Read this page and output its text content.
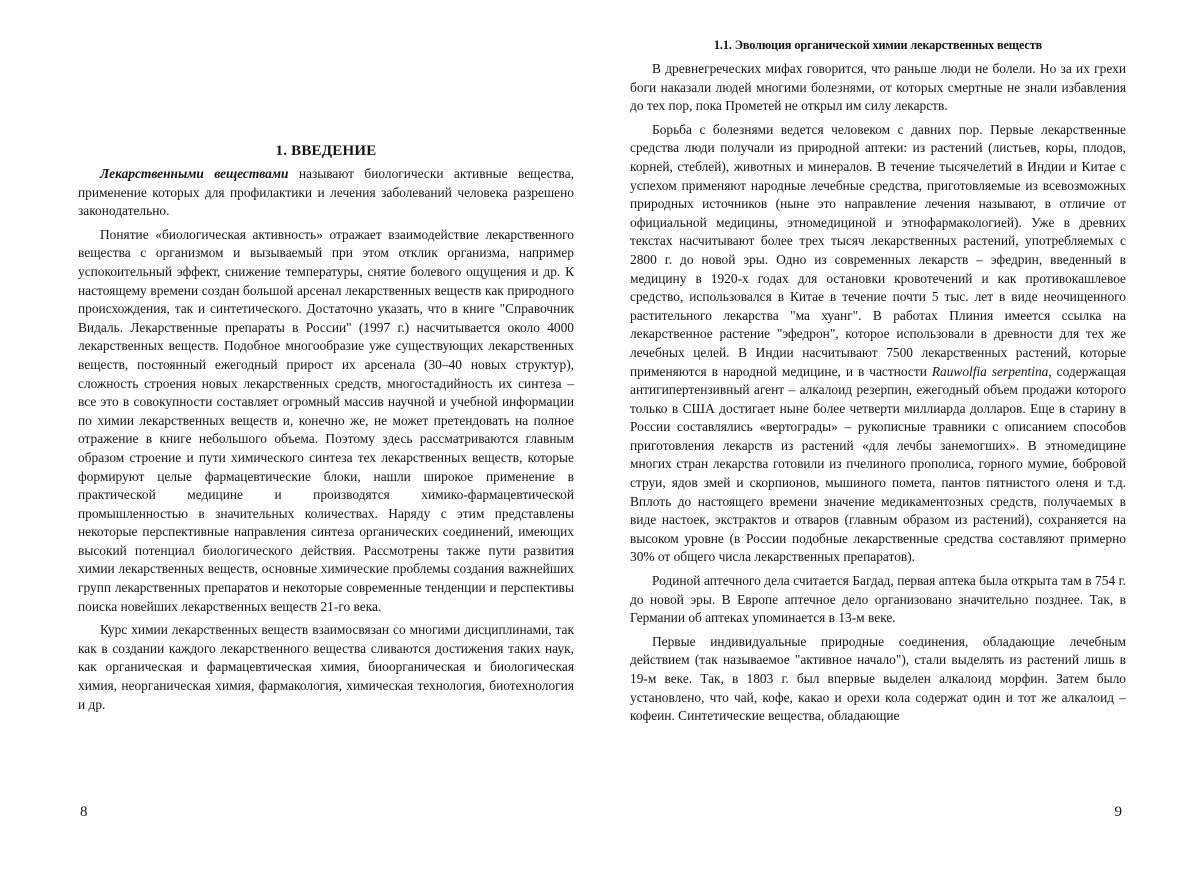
1. ВВЕДЕНИЕ

Лекарственными веществами называют биологически активные вещества, применение которых для профилактики и лечения заболеваний человека разрешено законодательно.

Понятие «биологическая активность» отражает взаимодействие лекарственного вещества с организмом и вызываемый при этом отклик организма, например успокоительный эффект, снижение температуры, снятие болевого ощущения и др. К настоящему времени создан большой арсенал лекарственных веществ как природного происхождения, так и синтетического. Достаточно указать, что в книге "Справочник Видаль. Лекарственные препараты в России" (1997 г.) насчитывается около 4000 лекарственных веществ. Подобное многообразие уже существующих лекарственных веществ, постоянный ежегодный прирост их арсенала (30–40 новых структур), сложность строения новых лекарственных средств, многостадийность их синтеза – все это в совокупности составляет огромный массив научной и учебной информации по химии лекарственных веществ и, конечно же, не может претендовать на полное отражение в книге небольшого объема. Поэтому здесь рассматриваются главным образом строение и пути химического синтеза тех лекарственных веществ, которые формируют целые фармацевтические блоки, нашли широкое применение в практической медицине и производятся химико-фармацевтической промышленностью в значительных количествах. Наряду с этим представлены некоторые перспективные направления синтеза органических соединений, имеющих высокий потенциал биологического действия. Рассмотрены также пути развития химии лекарственных веществ, основные химические проблемы создания важнейших групп лекарственных препаратов и некоторые современные тенденции и перспективы поиска новейших лекарственных веществ 21-го века.

Курс химии лекарственных веществ взаимосвязан со многими дисциплинами, так как в создании каждого лекарственного вещества сливаются достижения таких наук, как органическая и фармацевтическая химия, биоорганическая и биологическая химия, неорганическая химия, фармакология, химическая технология, биотехнология и др.

8
1.1. Эволюция органической химии лекарственных веществ

В древнегреческих мифах говорится, что раньше люди не болели. Но за их грехи боги наказали людей многими болезнями, от которых смертные не знали избавления до тех пор, пока Прометей не открыл им силу лекарств.

Борьба с болезнями ведется человеком с давних пор. Первые лекарственные средства люди получали из природной аптеки: из растений (листьев, коры, плодов, корней, стеблей), животных и минералов. В течение тысячелетий в Индии и Китае с успехом применяют народные лечебные средства, приготовляемые из всевозможных природных источников (ныне это направление лечения называют, в отличие от официальной медицины, этномедициной и этнофармакологией). Уже в древних текстах насчитывают более трех тысяч лекарственных растений, употребляемых с 2800 г. до новой эры. Одно из современных лекарств – эфедрин, введенный в медицину в 1920-х годах для остановки кровотечений и как противокашлевое средство, использовался в Китае в течение почти 5 тыс. лет в виде неочищенного растительного лекарства "ма хуанг". В работах Плиния имеется ссылка на лекарственное растение "эфедрон", которое использовали в древности для тех же лечебных целей. В Индии насчитывают 7500 лекарственных растений, которые применяются в народной медицине, и в частности Rauwolfia serpentina, содержащая антигипертензивный агент – алкалоид резерпин, ежегодный объем продажи которого только в США достигает ныне более четверти миллиарда долларов. Еще в старину в России составлялись «вертограды» – рукописные травники с описанием способов приготовления лекарств из растений «для лечбы занемогших». В этномедицине многих стран лекарства готовили из пчелиного прополиса, горного мумие, бобровой струи, ядов змей и скорпионов, мышиного помета, пантов пятнистого оленя и т.д. Вплоть до настоящего времени значение медикаментозных средств, получаемых в виде настоек, экстрактов и отваров (главным образом из растений), сохраняется на высоком уровне (в России подобные лекарственные средства составляют примерно 30% от общего числа лекарственных препаратов).

Родиной аптечного дела считается Багдад, первая аптека была открыта там в 754 г. до новой эры. В Европе аптечное дело организовано значительно позднее. Так, в Германии об аптеках упоминается в 13-м веке.

Первые индивидуальные природные соединения, обладающие лечебным действием (так называемое "активное начало"), стали выделять из растений лишь в 19-м веке. Так, в 1803 г. был впервые выделен алкалоид морфин. Затем было установлено, что чай, кофе, какао и орехи кола содержат один и тот же алкалоид – кофеин. Синтетические вещества, обладающие

9
